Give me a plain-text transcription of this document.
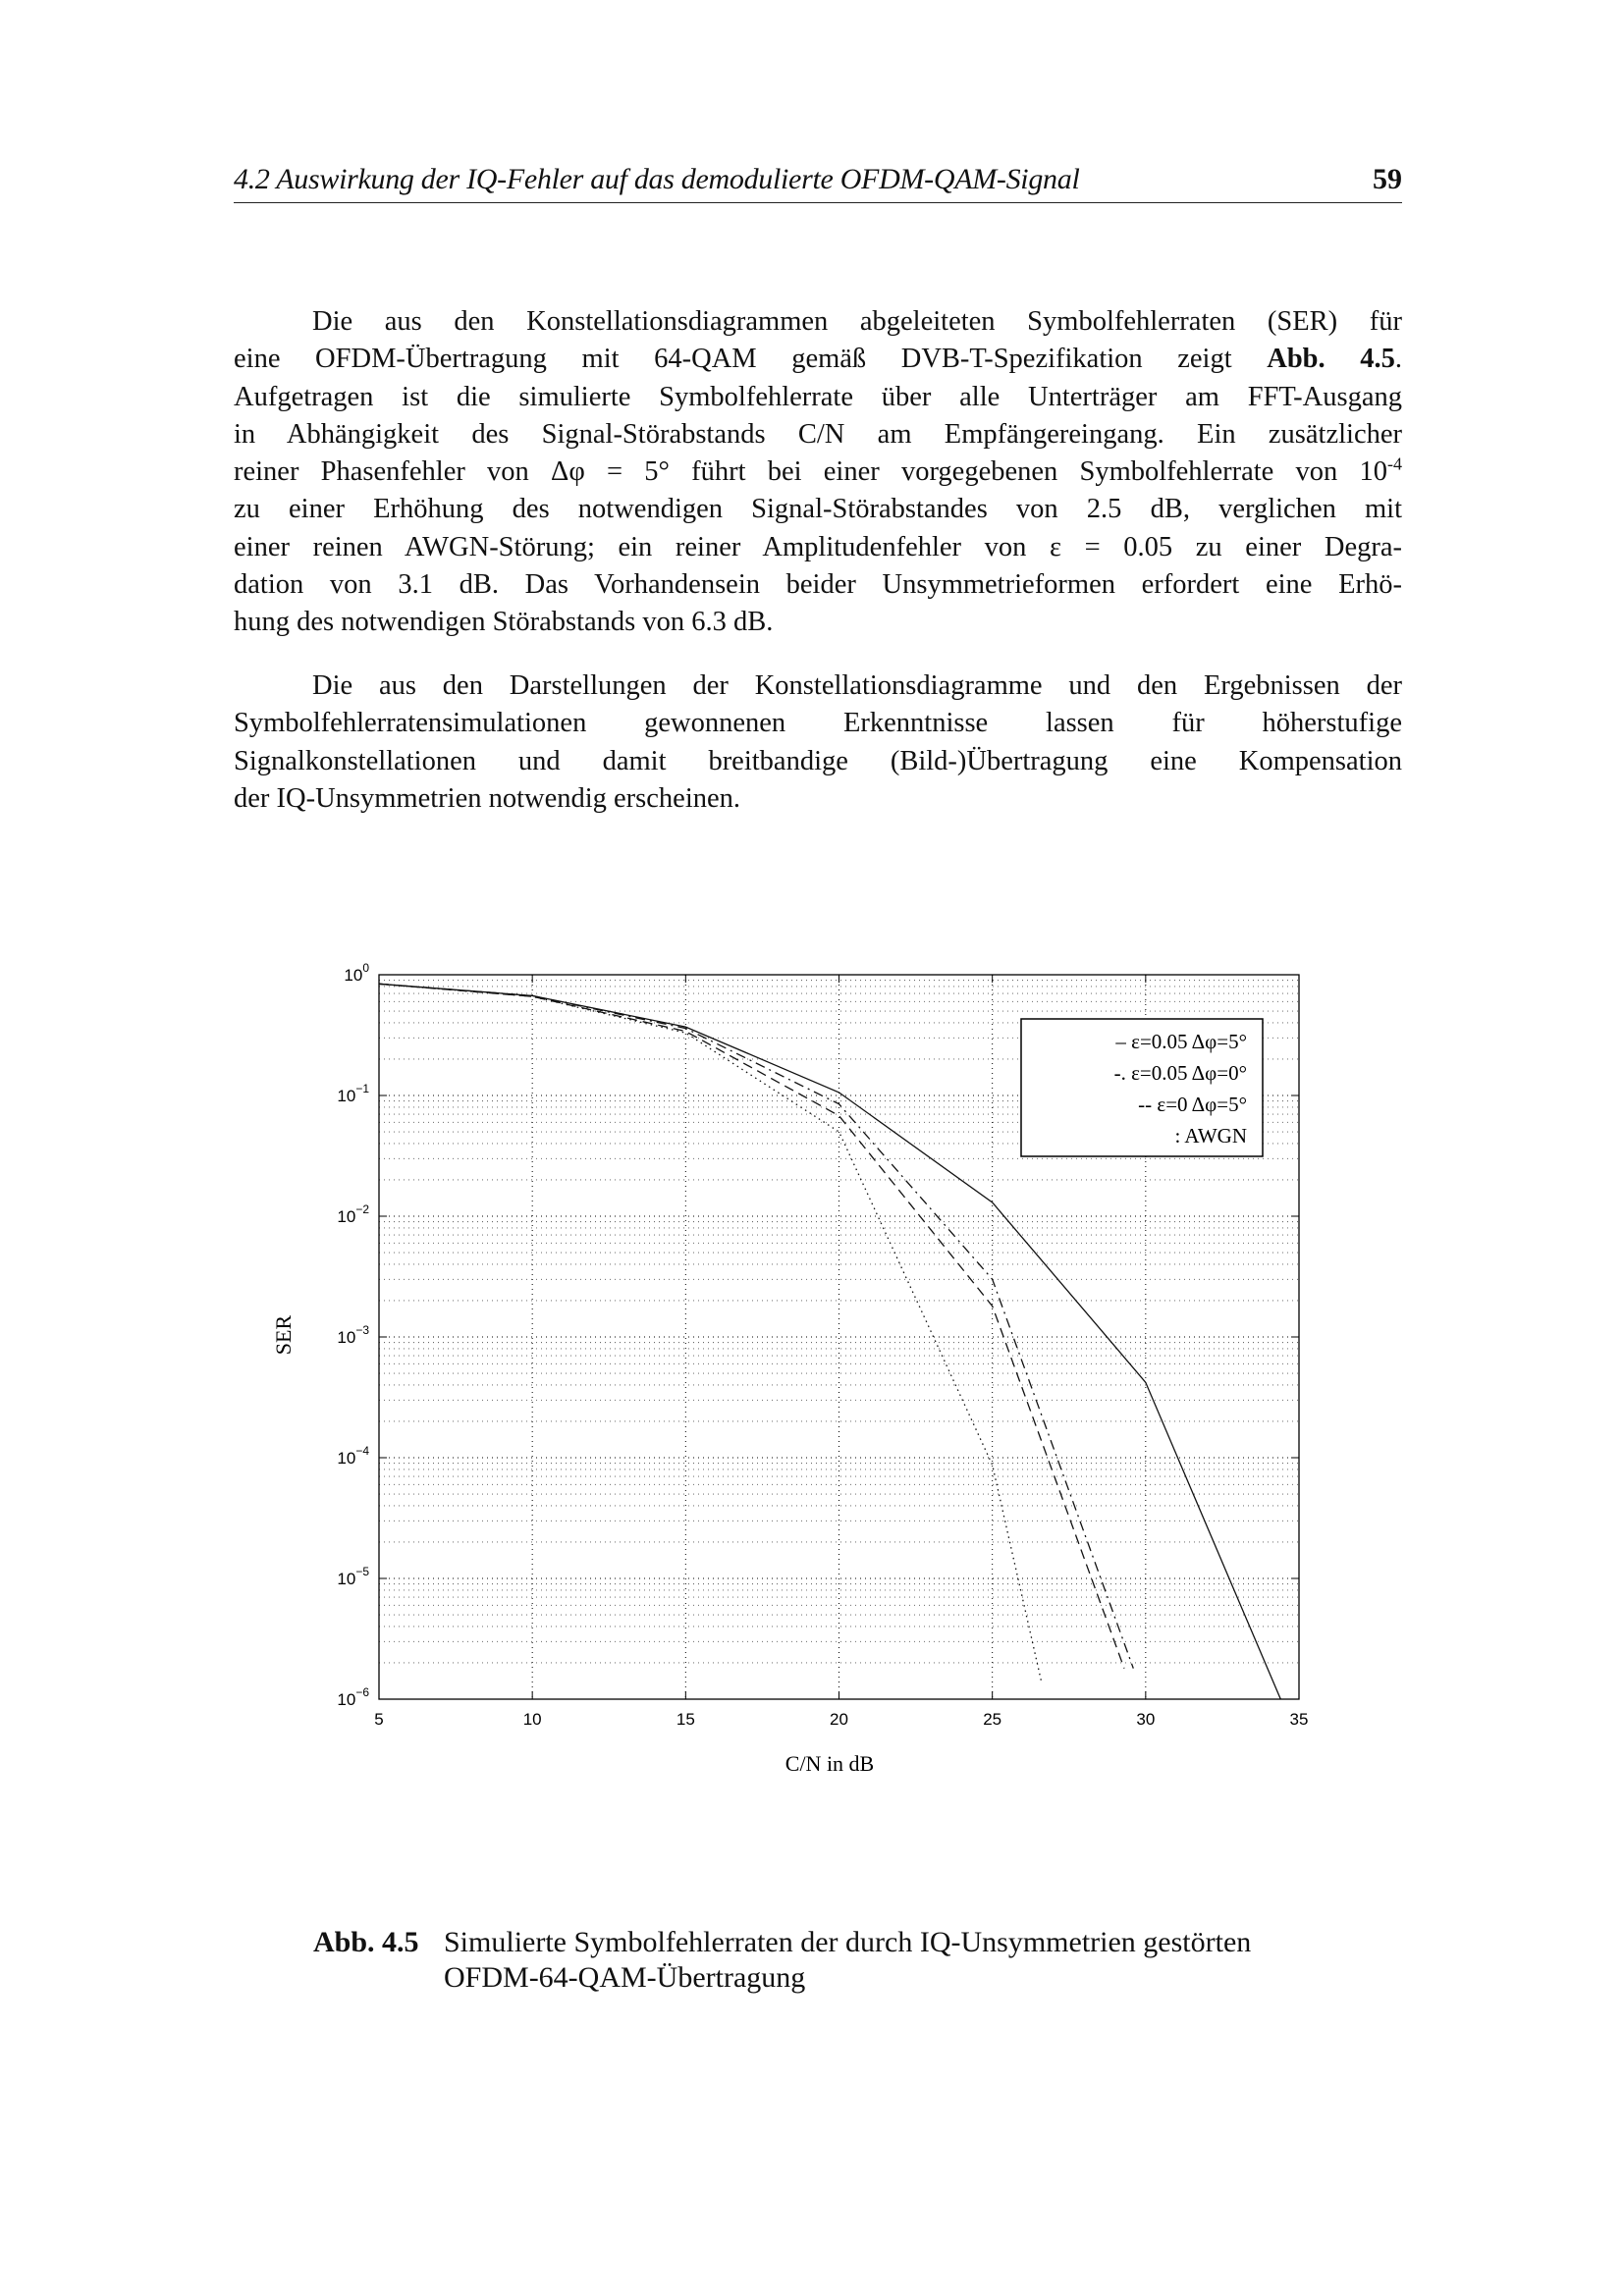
4.2 Auswirkung der IQ-Fehler auf das demodulierte OFDM-QAM-Signal	59
Die aus den Konstellationsdiagrammen abgeleiteten Symbolfehlerraten (SER) für
eine OFDM-Übertragung mit 64-QAM gemäß DVB-T-Spezifikation zeigt Abb. 4.5.
Aufgetragen ist die simulierte Symbolfehlerrate über alle Unterträger am FFT-Ausgang
in Abhängigkeit des Signal-Störabstands C/N am Empfängereingang. Ein zusätzlicher
reiner Phasenfehler von Δφ = 5° führt bei einer vorgegebenen Symbolfehlerrate von $10^{-4}$
zu einer Erhöhung des notwendigen Signal-Störabstandes von 2.5 dB, verglichen mit
einer reinen AWGN-Störung; ein reiner Amplitudenfehler von ε = 0.05 zu einer Degra-
dation von 3.1 dB. Das Vorhandensein beider Unsymmetrieformen erfordert eine Erhö-
hung des notwendigen Störabstands von 6.3 dB.
Die aus den Darstellungen der Konstellationsdiagramme und den Ergebnissen der
Symbolfehlerratensimulationen gewonnenen Erkenntnisse lassen für höherstufige
Signalkonstellationen und damit breitbandige (Bild-)Übertragung eine Kompensation
der IQ-Unsymmetrien notwendig erscheinen.
5	10	15	20	25	30	35
$10^0$
$10^{-1}$
$10^{-2}$
$10^{-3}$
$10^{-4}$
$10^{-5}$
$10^{-6}$
– ε=0.05 Δφ=5°
-. ε=0.05 Δφ=0°
-- ε=0 Δφ=5°
: AWGN
SER
C/N in dB
Abb. 4.5 Simulierte Symbolfehlerraten der durch IQ-Unsymmetrien gestörten
OFDM-64-QAM-Übertragung
